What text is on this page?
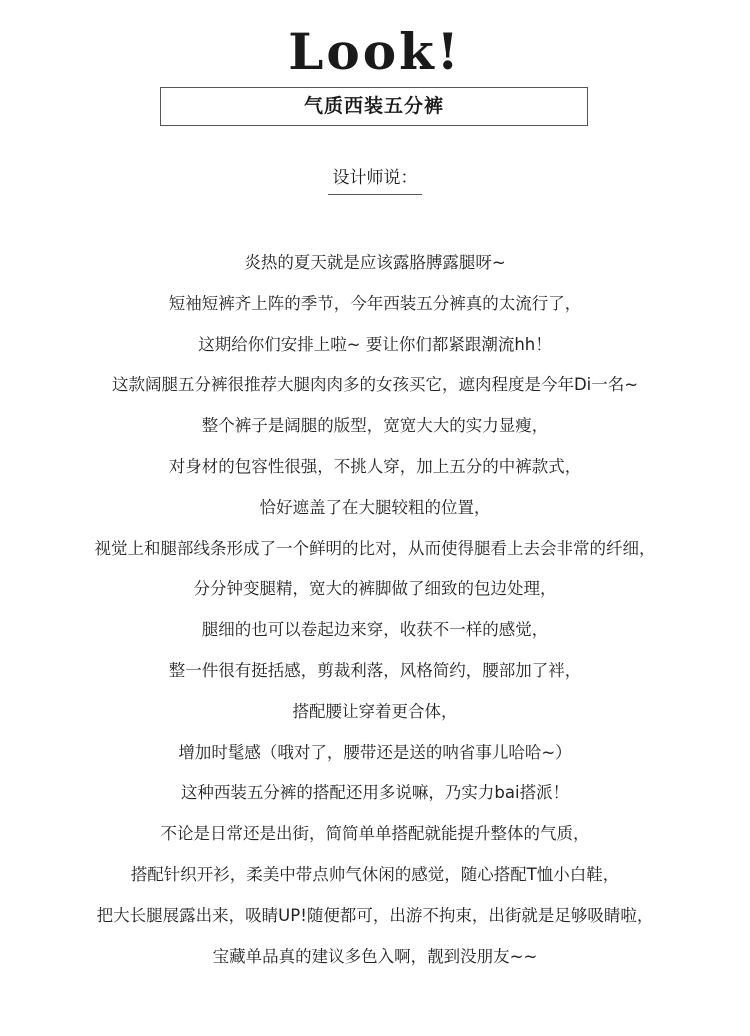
Look!
气质西装五分裤
设计师说：
炎热的夏天就是应该露胳膊露腿呀~
短袖短裤齐上阵的季节，今年西装五分裤真的太流行了，
这期给你们安排上啦~ 要让你们都紧跟潮流hh！
这款阔腿五分裤很推荐大腿肉肉多的女孩买它，遮肉程度是今年Di一名~
整个裤子是阔腿的版型，宽宽大大的实力显瘦，
对身材的包容性很强，不挑人穿，加上五分的中裤款式，
恰好遮盖了在大腿较粗的位置，
视觉上和腿部线条形成了一个鲜明的比对，从而使得腿看上去会非常的纤细，
分分钟变腿精，宽大的裤脚做了细致的包边处理，
腿细的也可以卷起边来穿，收获不一样的感觉，
整一件很有挺括感，剪裁利落，风格简约，腰部加了袢，
搭配腰让穿着更合体，
增加时髦感（哦对了，腰带还是送的呐省事儿哈哈~）
这种西装五分裤的搭配还用多说嘛，乃实力bai搭派！
不论是日常还是出街，简简单单搭配就能提升整体的气质，
搭配针织开衫，柔美中带点帅气休闲的感觉，随心搭配T恤小白鞋，
把大长腿展露出来，吸睛UP!随便都可，出游不拘束，出街就是足够吸睛啦，
宝藏单品真的建议多色入啊，靓到没朋友~~
